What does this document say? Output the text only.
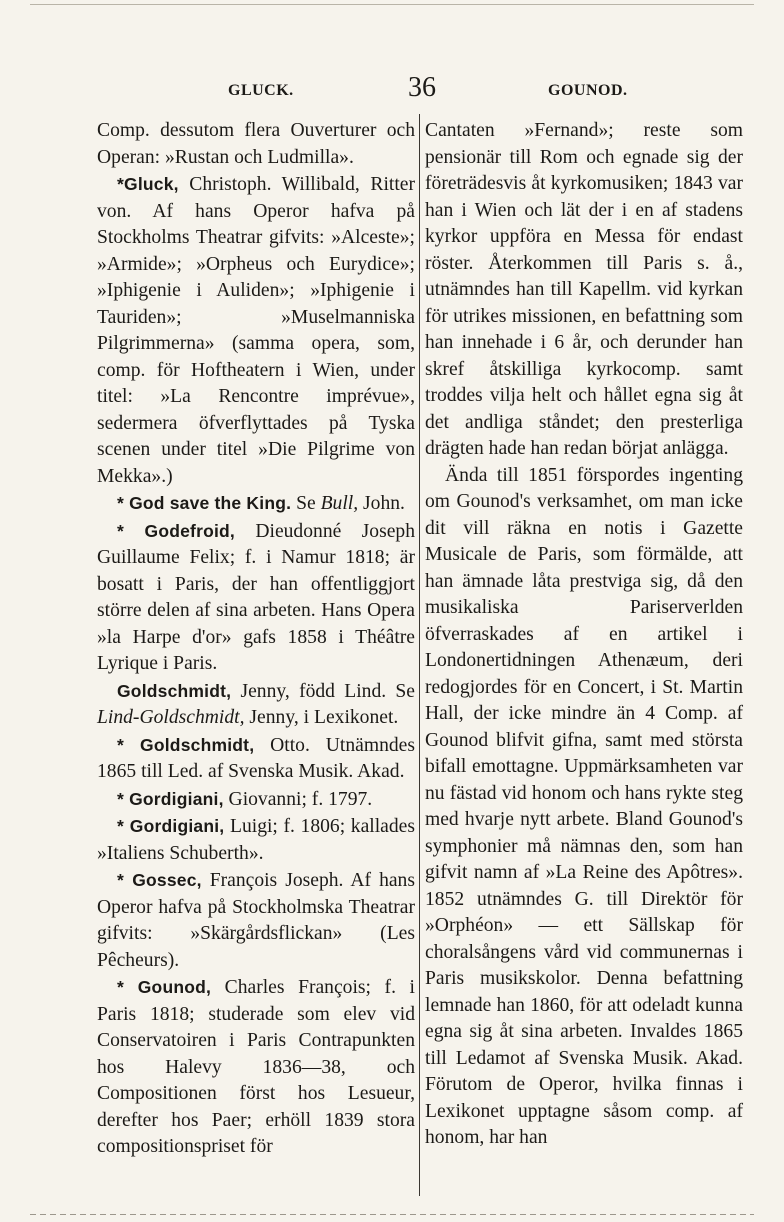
GLUCK.	36	GOUNOD.

Comp. dessutom flera Ouverturer och Operan: »Rustan och Ludmilla».

*Gluck, Christoph. Willibald, Ritter von. Af hans Operor hafva på Stockholms Theatrar gifvits: »Alceste»; »Armide»; »Orpheus och Eurydice»; »Iphigenie i Auliden»; »Iphigenie i Tauriden»; »Muselmanniska Pilgrimmerna» (samma opera, som, comp. för Hoftheatern i Wien, under titel: »La Rencontre imprévue», sedermera öfverflyttades på Tyska scenen under titel »Die Pilgrime von Mekka».)

* God save the King. Se Bull, John.

* Godefroid, Dieudonné Joseph Guillaume Felix; f. i Namur 1818; är bosatt i Paris, der han offentliggjort större delen af sina arbeten. Hans Opera »la Harpe d'or» gafs 1858 i Théâtre Lyrique i Paris.

Goldschmidt, Jenny, född Lind. Se Lind-Goldschmidt, Jenny, i Lexikonet.

* Goldschmidt, Otto. Utnämndes 1865 till Led. af Svenska Musik. Akad.

* Gordigiani, Giovanni; f. 1797.

* Gordigiani, Luigi; f. 1806; kallades »Italiens Schuberth».

* Gossec, François Joseph. Af hans Operor hafva på Stockholmska Theatrar gifvits: »Skärgårdsflickan» (Les Pêcheurs).

* Gounod, Charles François; f. i Paris 1818; studerade som elev vid Conservatoiren i Paris Contrapunkten hos Halevy 1836—38, och Compositionen först hos Lesueur, derefter hos Paer; erhöll 1839 stora compositionspriset för

Cantaten »Fernand»; reste som pensionär till Rom och egnade sig der företrädesvis åt kyrkomusiken; 1843 var han i Wien och lät der i en af stadens kyrkor uppföra en Messa för endast röster. Återkommen till Paris s. å., utnämndes han till Kapellm. vid kyrkan för utrikes missionen, en befattning som han innehade i 6 år, och derunder han skref åtskilliga kyrkocomp. samt troddes vilja helt och hållet egna sig åt det andliga ståndet; den presterliga drägten hade han redan börjat anlägga.

Ända till 1851 förspordes ingenting om Gounod's verksamhet, om man icke dit vill räkna en notis i Gazette Musicale de Paris, som förmälde, att han ämnade låta prestviga sig, då den musikaliska Pariserverlden öfverraskades af en artikel i Londonertidningen Athenæum, deri redogjordes för en Concert, i St. Martin Hall, der icke mindre än 4 Comp. af Gounod blifvit gifna, samt med största bifall emottagne. Uppmärksamheten var nu fästad vid honom och hans rykte steg med hvarje nytt arbete. Bland Gounod's symphonier må nämnas den, som han gifvit namn af »La Reine des Apôtres». 1852 utnämndes G. till Direktör för »Orphéon» — ett Sällskap för choralsångens vård vid communernas i Paris musikskolor. Denna befattning lemnade han 1860, för att odeladt kunna egna sig åt sina arbeten. Invaldes 1865 till Ledamot af Svenska Musik. Akad. Förutom de Operor, hvilka finnas i Lexikonet upptagne såsom comp. af honom, har han
